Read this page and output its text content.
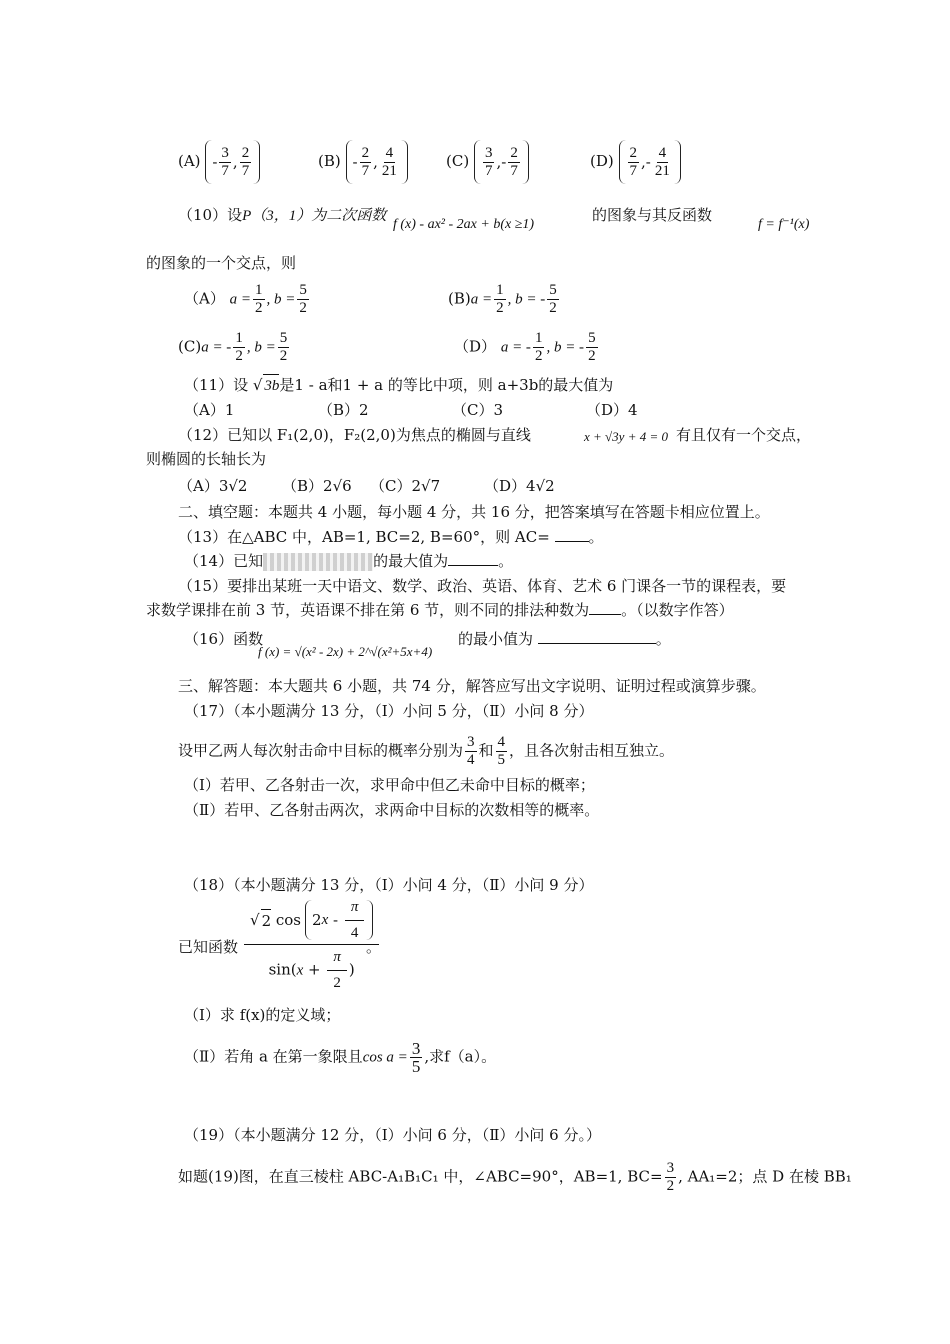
$(A) - \frac{3}{7}$ , $\frac{2}{7}$	$(B) - \frac{2}{7}$ , $\frac{4}{21}$	$(C) \frac{3}{7}$ ,- $\frac{2}{7}$	$(D) \frac{2}{7}$ ,- $\frac{4}{21}$
（10）设P（3，1）为二次函数
f (x) - ax² - 2ax + b(x ≥1)
的图象与其反函数
f = f⁻¹(x)
的图象的一个交点，则
（A） $a = \frac{1}{2}$ , $b = \frac{5}{2}$	$(B)a = \frac{1}{2}$ , b = - $\frac{5}{2}$
(C)a = - $\frac{1}{2}$ , $b = \frac{5}{2}$	（D） a = - $\frac{1}{2}$ , b = - $\frac{5}{2}$
（11）设 √ 3b是1 - a和1 + a 的等比中项，则 a+3b的最大值为
（A）1	（B）2	（C）3	（D）4
（12）已知以 F₁(2,0)，F₂(2,0)为焦点的椭圆与直线	x + √3y + 4 = 0 有且仅有一个交点，
则椭圆的长轴长为
（A）3√2 （B）2√6 （C）2√7	（D）4√2
二、填空题：本题共 4 小题，每小题 4 分，共 16 分，把答案填写在答题卡相应位置上。
（13）在△ABC 中，AB=1, BC=2, B=60°，则 AC=	。
（14）已知	的最大值为	。
（15）要排出某班一天中语文、数学、政治、英语、体育、艺术 6 门课各一节的课程表，要
求数学课排在前 3 节，英语课不排在第 6 节，则不同的排法种数为 。（以数字作答）
（16）函数
f (x) = √(x² - 2x) + 2^√(x²+5x+4)
的最小值为	。
三、解答题：本大题共 6 小题，共 74 分，解答应写出文字说明、证明过程或演算步骤。
（17）（本小题满分 13 分，（Ⅰ）小问 5 分，（Ⅱ）小问 8 分）
设甲乙两人每次射击命中目标的概率分别为 $\frac{3}{4}$ 和 $\frac{4}{5}$ ，且各次射击相互独立。
（Ⅰ）若甲、乙各射击一次，求甲命中但乙未命中目标的概率；
（Ⅱ）若甲、乙各射击两次，求两命中目标的次数相等的概率。
（18）（本小题满分 13 分，（Ⅰ）小问 4 分，（Ⅱ）小问 9 分）
已知函数 $\frac{√ 2 \cos 2 x - \frac{\pi}{4}}{\sin(x + \frac{\pi}{2} )}$
。
（Ⅰ）求 f(x)的定义域；
（Ⅱ）若角 a 在第一象限且$\cos a = \frac{3}{5}$ ,求f（a）。
（19）（本小题满分 12 分，（Ⅰ）小问 6 分，（Ⅱ）小问 6 分。）
如题(19)图，在直三棱柱 ABC-A₁B₁C₁ 中，∠ABC=90°，AB=1, $BC= \frac{3}{2}$ , AA₁=2；点 D 在棱 BB₁
